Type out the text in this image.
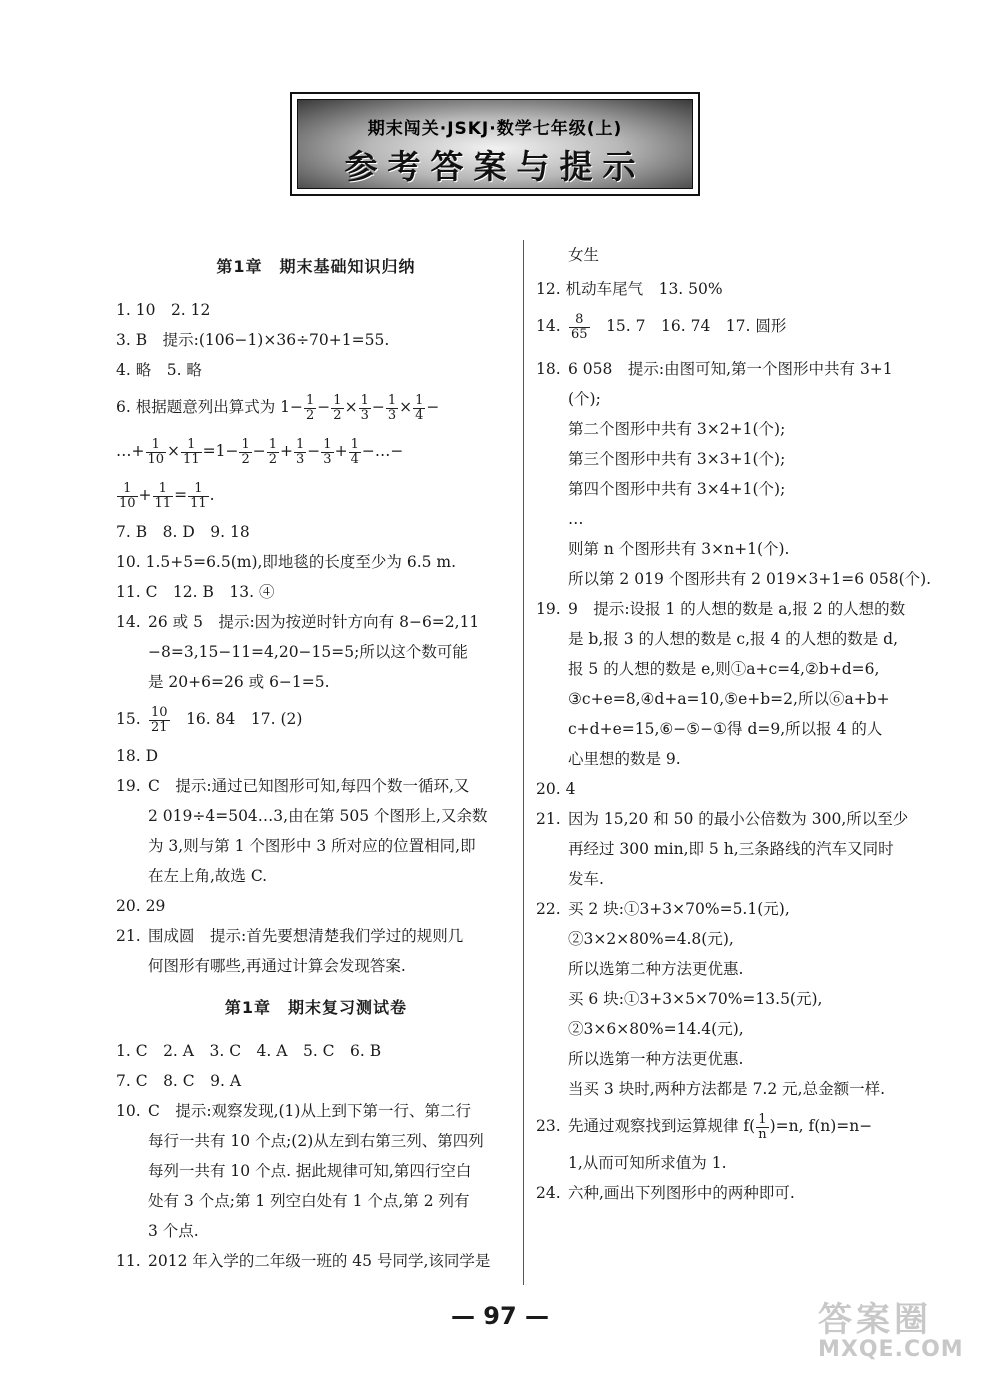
期末闯关·JSKJ·数学七年级(上)
参考答案与提示
第1章　期末基础知识归纳
1. 10　2. 12
3. B　提示:(106−1)×36÷70+1=55.
4. 略　5. 略
6. 根据题意列出算式为 $1- \frac{1}{2} - \frac{1}{2} \times \frac{1}{3} - \frac{1}{3} \times \frac{1}{4}$ −
…+ $\frac{1}{10} \times \frac{1}{11} =1- \frac{1}{2} - \frac{1}{2} + \frac{1}{3} - \frac{1}{3} + \frac{1}{4}$ −…−
$\frac{1}{10} + \frac{1}{11} = \frac{1}{11}$ .
7. B　8. D　9. 18
10. 1.5+5=6.5(m),即地毯的长度至少为 6.5 m.
11. C　12. B　13. ④
14. 26 或 5　提示:因为按逆时针方向有 8−6=2,11
−8=3,15−11=4,20−15=5;所以这个数可能
是 20+6=26 或 6−1=5.
15. $\frac{10}{21}$
　 16. 84　17. (2)
18. D
19. C　提示:通过已知图形可知,每四个数一循环,又
2 019÷4=504…3,由在第 505 个图形上,又余数
为 3,则与第 1 个图形中 3 所对应的位置相同,即
在左上角,故选 C.
20. 29
21. 围成圆　提示:首先要想清楚我们学过的规则几
何图形有哪些,再通过计算会发现答案.
第1章　期末复习测试卷
1. C　2. A　3. C　4. A　5. C　6. B
7. C　8. C　9. A
10. C　提示:观察发现,(1)从上到下第一行、第二行
每行一共有 10 个点;(2)从左到右第三列、第四列
每列一共有 10 个点. 据此规律可知,第四行空白
处有 3 个点;第 1 列空白处有 1 个点,第 2 列有
3 个点.
11. 2012 年入学的二年级一班的 45 号同学,该同学是
女生
12. 机动车尾气　13. 50%
14. $\frac{8}{65}$
　 15. 7　16. 74　17. 圆形
18. 6 058　提示:由图可知,第一个图形中共有 3+1
(个);
第二个图形中共有 3×2+1(个);
第三个图形中共有 3×3+1(个);
第四个图形中共有 3×4+1(个);
…
则第 n 个图形共有 3×n+1(个).
所以第 2 019 个图形共有 2 019×3+1=6 058(个).
19. 9　提示:设报 1 的人想的数是 a,报 2 的人想的数
是 b,报 3 的人想的数是 c,报 4 的人想的数是 d,
报 5 的人想的数是 e,则①a+c=4,②b+d=6,
③c+e=8,④d+a=10,⑤e+b=2,所以⑥a+b+
c+d+e=15,⑥−⑤−①得 d=9,所以报 4 的人
心里想的数是 9.
20. 4
21. 因为 15,20 和 50 的最小公倍数为 300,所以至少
再经过 300 min,即 5 h,三条路线的汽车又同时
发车.
22. 买 2 块:①3+3×70%=5.1(元),
②3×2×80%=4.8(元),
所以选第二种方法更优惠.
买 6 块:①3+3×5×70%=13.5(元),
②3×6×80%=14.4(元),
所以选第一种方法更优惠.
当买 3 块时,两种方法都是 7.2 元,总金额一样.
23. 先通过观察找到运算规律 $f( \frac{1}{n} )=n$, f(n)=n−
1,从而可知所求值为 1.
24. 六种,画出下列图形中的两种即可.
— 97 —	答案圈
MXQE.COM
